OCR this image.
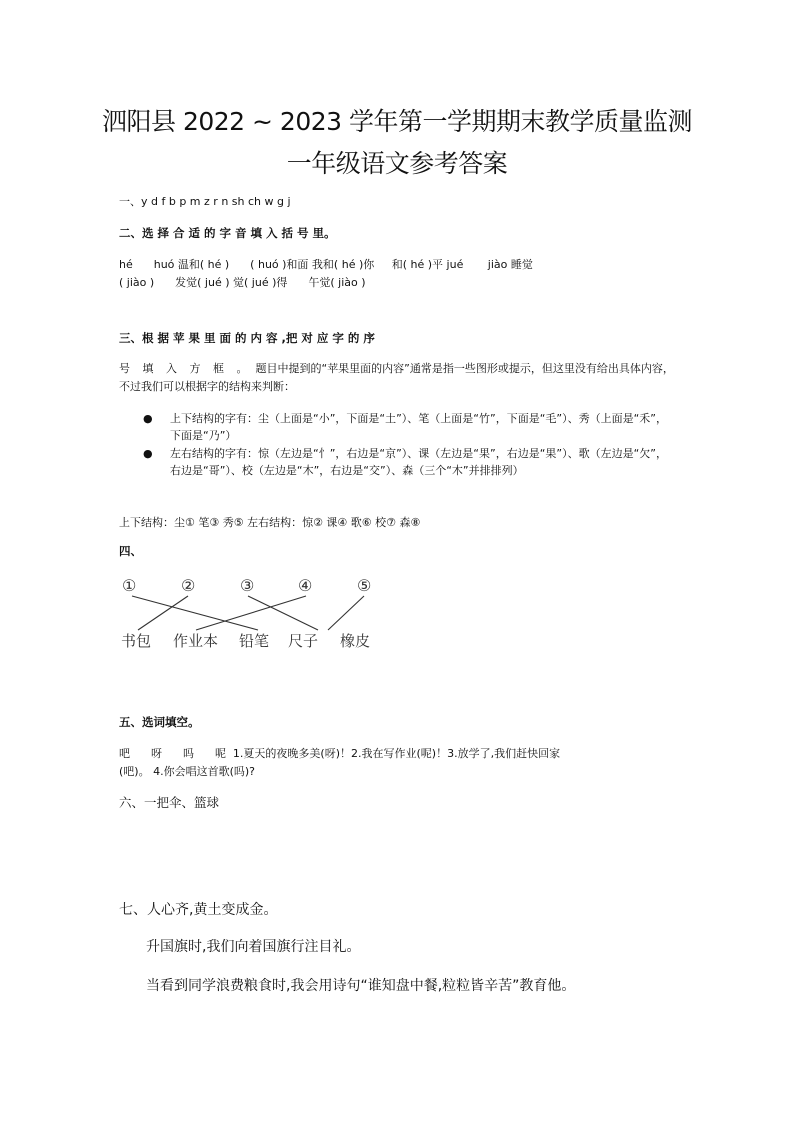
泗阳县 2022 ~ 2023 学年第一学期期末教学质量监测
一年级语文参考答案
一、y d f b p m z r n sh ch w g j
二、选 择 合 适 的 字 音 填 入 括 号 里。
hé      huó 温和( hé )      ( huó )和面 我和( hé )你     和( hé )平 jué       jiào 睡觉
( jiào )      发觉( jué ) 觉( jué )得      午觉( jiào )
三、根 据 苹 果 里 面 的 内 容 ,把 对 应 字 的 序
号 填 入 方 框 。 题目中提到的“苹果里面的内容”通常是指一些图形或提示，但这里没有给出具体内容，不过我们可以根据字的结构来判断：
● 上下结构的字有：尘（上面是“小”，下面是“土”）、笔（上面是“竹”，下面是“毛”）、秀（上面是“禾”，下面是“乃”）
● 左右结构的字有：惊（左边是“忄”，右边是“京”）、课（左边是“果”，右边是“果”）、歌（左边是“欠”，右边是“哥”）、校（左边是“木”，右边是“交”）、森（三个“木”并排排列）
上下结构：尘① 笔③ 秀⑤ 左右结构：惊② 课④ 歌⑥ 校⑦ 森⑧
四、
①	②	③	④	⑤
书包 作业本 铅笔 尺子 橡皮
五、选词填空。
吧      呀      吗      呢  1.夏天的夜晚多美(呀)！2.我在写作业(呢)！3.放学了,我们赶快回家
(吧)。 4.你会唱这首歌(吗)?
六、一把伞、篮球
七、人心齐,黄土变成金。
升国旗时,我们向着国旗行注目礼。
当看到同学浪费粮食时,我会用诗句“谁知盘中餐,粒粒皆辛苦”教育他。
